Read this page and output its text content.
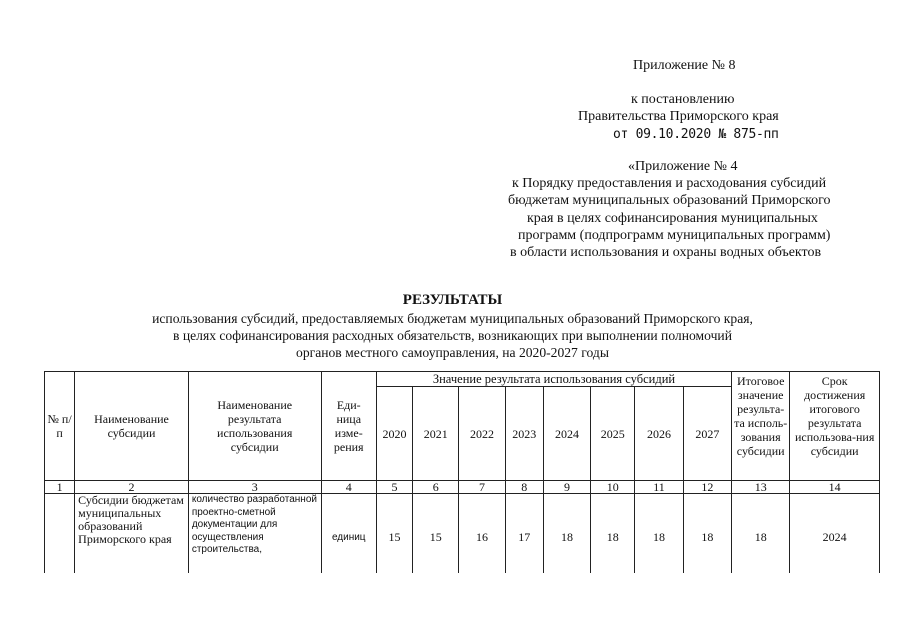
Приложение № 8
к постановлению
Правительства Приморского края
от 09.10.2020 № 875-пп
«Приложение № 4
к Порядку предоставления и расходования субсидий
бюджетам муниципальных образований Приморского
края в целях софинансирования муниципальных
программ (подпрограмм муниципальных программ)
в области использования и охраны водных объектов
РЕЗУЛЬТАТЫ
использования субсидий, предоставляемых бюджетам муниципальных образований Приморского края,
в целях софинансирования расходных обязательств, возникающих при выполнении полномочий
органов местного самоуправления, на 2020-2027 годы
№ п/п	Наименование субсидии	Наименование результата использования субсидии	Еди-ница изме-рения	Значение результата использования субсидий								Итоговое значение результа-та исполь-зования субсидии	Срок достижения итогового результата использова-ния субсидии
				2020	2021	2022	2023	2024	2025	2026	2027		
1	2	3	4	5	6	7	8	9	10	11	12	13	14
	Субсидии бюджетам муниципальных образований Приморского края	количество разработанной проектно-сметной документации для осуществления строительства,	единиц	15	15	16	17	18	18	18	18	18	2024
